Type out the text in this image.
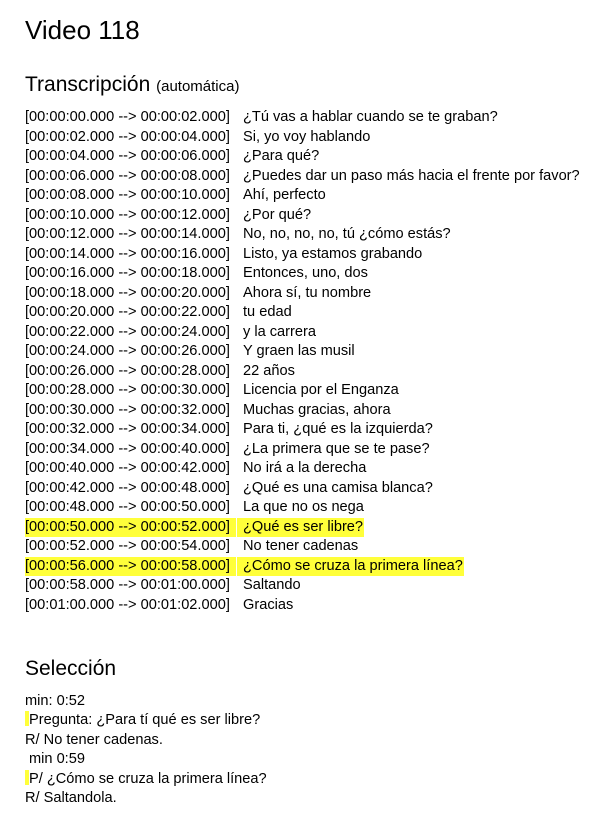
Video 118
Transcripción (automática)
[00:00:00.000 --> 00:00:02.000] ¿Tú vas a hablar cuando se te graban?
[00:00:02.000 --> 00:00:04.000] Si, yo voy hablando
[00:00:04.000 --> 00:00:06.000] ¿Para qué?
[00:00:06.000 --> 00:00:08.000] ¿Puedes dar un paso más hacia el frente por favor?
[00:00:08.000 --> 00:00:10.000] Ahí, perfecto
[00:00:10.000 --> 00:00:12.000] ¿Por qué?
[00:00:12.000 --> 00:00:14.000] No, no, no, no, tú ¿cómo estás?
[00:00:14.000 --> 00:00:16.000] Listo, ya estamos grabando
[00:00:16.000 --> 00:00:18.000] Entonces, uno, dos
[00:00:18.000 --> 00:00:20.000] Ahora sí, tu nombre
[00:00:20.000 --> 00:00:22.000] tu edad
[00:00:22.000 --> 00:00:24.000] y la carrera
[00:00:24.000 --> 00:00:26.000] Y graen las musil
[00:00:26.000 --> 00:00:28.000] 22 años
[00:00:28.000 --> 00:00:30.000] Licencia por el Enganza
[00:00:30.000 --> 00:00:32.000] Muchas gracias, ahora
[00:00:32.000 --> 00:00:34.000] Para ti, ¿qué es la izquierda?
[00:00:34.000 --> 00:00:40.000] ¿La primera que se te pase?
[00:00:40.000 --> 00:00:42.000] No irá a la derecha
[00:00:42.000 --> 00:00:48.000] ¿Qué es una camisa blanca?
[00:00:48.000 --> 00:00:50.000] La que no os nega
[00:00:50.000 --> 00:00:52.000] ¿Qué es ser libre?
[00:00:52.000 --> 00:00:54.000] No tener cadenas
[00:00:56.000 --> 00:00:58.000] ¿Cómo se cruza la primera línea?
[00:00:58.000 --> 00:01:00.000] Saltando
[00:01:00.000 --> 00:01:02.000] Gracias
Selección
min: 0:52
Pregunta: ¿Para tí qué es ser libre?
R/ No tener cadenas.
min 0:59
P/ ¿Cómo se cruza la primera línea?
R/ Saltandola.
